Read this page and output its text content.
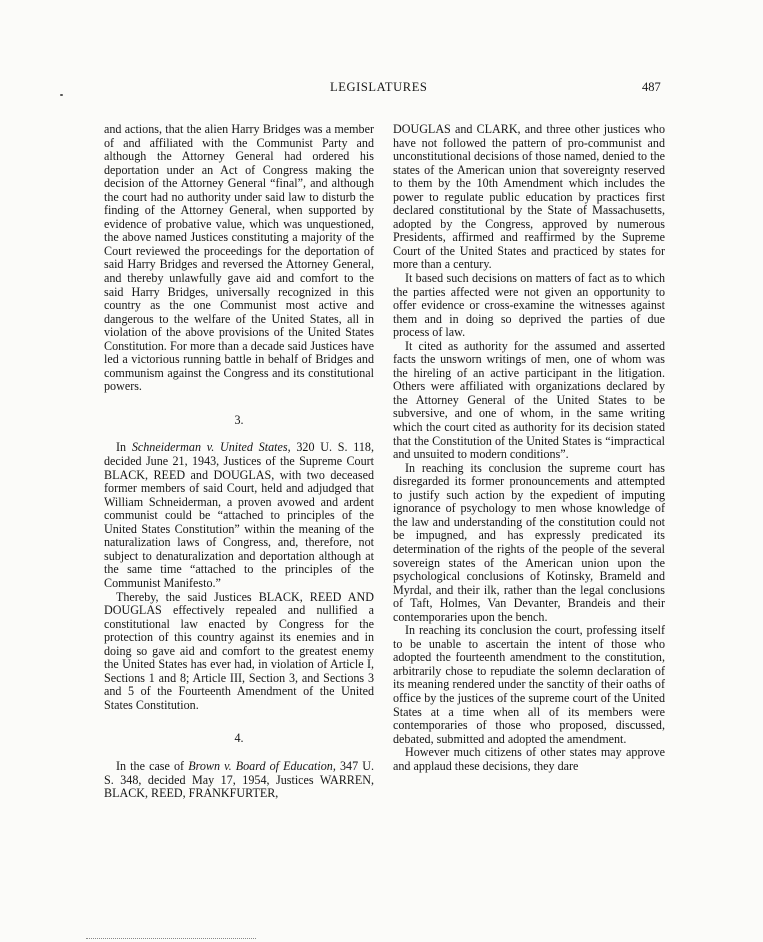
LEGISLATURES	487

and actions, that the alien Harry Bridges was a member of and affiliated with the Communist Party and although the Attorney General had ordered his deportation under an Act of Congress making the decision of the Attorney General “final”, and although the court had no authority under said law to disturb the finding of the Attorney General, when supported by evidence of probative value, which was unquestioned, the above named Justices constituting a majority of the Court reviewed the proceedings for the deportation of said Harry Bridges and reversed the Attorney General, and thereby unlawfully gave aid and comfort to the said Harry Bridges, universally recognized in this country as the one Communist most active and dangerous to the welfare of the United States, all in violation of the above provisions of the United States Constitution. For more than a decade said Justices have led a victorious running battle in behalf of Bridges and communism against the Congress and its constitutional powers.

3.

In Schneiderman v. United States, 320 U. S. 118, decided June 21, 1943, Justices of the Supreme Court BLACK, REED and DOUGLAS, with two deceased former members of said Court, held and adjudged that William Schneiderman, a proven avowed and ardent communist could be “attached to principles of the United States Constitution” within the meaning of the naturalization laws of Congress, and, therefore, not subject to denaturalization and deportation although at the same time “attached to the principles of the Communist Manifesto.”

Thereby, the said Justices BLACK, REED AND DOUGLAS effectively repealed and nullified a constitutional law enacted by Congress for the protection of this country against its enemies and in doing so gave aid and comfort to the greatest enemy the United States has ever had, in violation of Article I, Sections 1 and 8; Article III, Section 3, and Sections 3 and 5 of the Fourteenth Amendment of the United States Constitution.

4.

In the case of Brown v. Board of Education, 347 U. S. 348, decided May 17, 1954, Justices WARREN, BLACK, REED, FRANKFURTER,

DOUGLAS and CLARK, and three other justices who have not followed the pattern of pro-communist and unconstitutional decisions of those named, denied to the states of the American union that sovereignty reserved to them by the 10th Amendment which includes the power to regulate public education by practices first declared constitutional by the State of Massachusetts, adopted by the Congress, approved by numerous Presidents, affirmed and reaffirmed by the Supreme Court of the United States and practiced by states for more than a century.

It based such decisions on matters of fact as to which the parties affected were not given an opportunity to offer evidence or cross-examine the witnesses against them and in doing so deprived the parties of due process of law.

It cited as authority for the assumed and asserted facts the unsworn writings of men, one of whom was the hireling of an active participant in the litigation. Others were affiliated with organizations declared by the Attorney General of the United States to be subversive, and one of whom, in the same writing which the court cited as authority for its decision stated that the Constitution of the United States is “impractical and unsuited to modern conditions”.

In reaching its conclusion the supreme court has disregarded its former pronouncements and attempted to justify such action by the expedient of imputing ignorance of psychology to men whose knowledge of the law and understanding of the constitution could not be impugned, and has expressly predicated its determination of the rights of the people of the several sovereign states of the American union upon the psychological conclusions of Kotinsky, Brameld and Myrdal, and their ilk, rather than the legal conclusions of Taft, Holmes, Van Devanter, Brandeis and their contemporaries upon the bench.

In reaching its conclusion the court, professing itself to be unable to ascertain the intent of those who adopted the fourteenth amendment to the constitution, arbitrarily chose to repudiate the solemn declaration of its meaning rendered under the sanctity of their oaths of office by the justices of the supreme court of the United States at a time when all of its members were contemporaries of those who proposed, discussed, debated, submitted and adopted the amendment.

However much citizens of other states may approve and applaud these decisions, they dare
